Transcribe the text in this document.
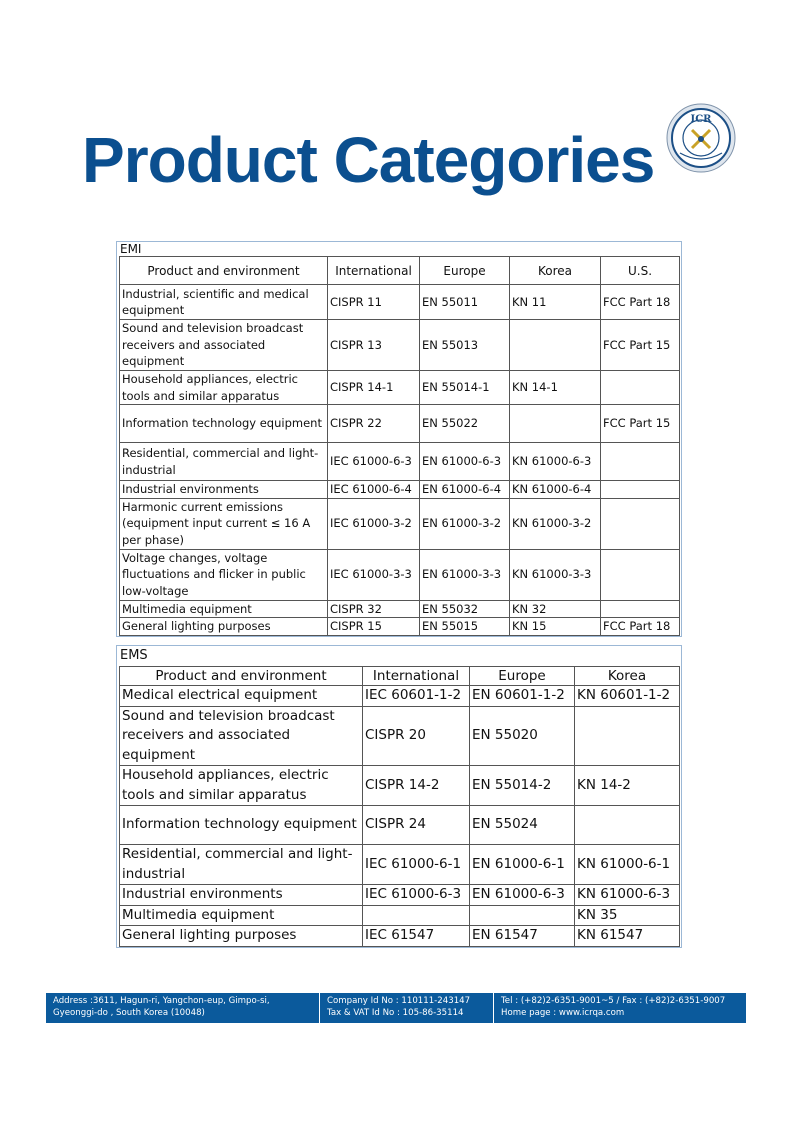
Product Categories
ICR
EMI
Product and environment	International	Europe	Korea	U.S.
Industrial, scientific and medical equipment	CISPR 11	EN 55011	KN 11	FCC Part 18
Sound and television broadcast receivers and associated equipment	CISPR 13	EN 55013		FCC Part 15
Household appliances, electric tools and similar apparatus	CISPR 14-1	EN 55014-1	KN 14-1	
Information technology equipment	CISPR 22	EN 55022		FCC Part 15
Residential, commercial and light-industrial	IEC 61000-6-3	EN 61000-6-3	KN 61000-6-3	
Industrial environments	IEC 61000-6-4	EN 61000-6-4	KN 61000-6-4	
Harmonic current emissions (equipment input current ≤ 16 A per phase)	IEC 61000-3-2	EN 61000-3-2	KN 61000-3-2	
Voltage changes, voltage fluctuations and flicker in public low-voltage	IEC 61000-3-3	EN 61000-3-3	KN 61000-3-3	
Multimedia equipment	CISPR 32	EN 55032	KN 32	
General lighting purposes	CISPR 15	EN 55015	KN 15	FCC Part 18
EMS
Product and environment	International	Europe	Korea
Medical electrical equipment	IEC 60601-1-2	EN 60601-1-2	KN 60601-1-2
Sound and television broadcast receivers and associated equipment	CISPR 20	EN 55020	
Household appliances, electric tools and similar apparatus	CISPR 14-2	EN 55014-2	KN 14-2
Information technology equipment	CISPR 24	EN 55024	
Residential, commercial and light-industrial	IEC 61000-6-1	EN 61000-6-1	KN 61000-6-1
Industrial environments	IEC 61000-6-3	EN 61000-6-3	KN 61000-6-3
Multimedia equipment			KN 35
General lighting purposes	IEC 61547	EN 61547	KN 61547
Address :3611, Hagun-ri, Yangchon-eup, Gimpo-si,
Gyeonggi-do , South Korea (10048)
Company Id No : 110111-243147
Tax & VAT Id No : 105-86-35114
Tel : (+82)2-6351-9001~5 / Fax : (+82)2-6351-9007
Home page : www.icrqa.com
